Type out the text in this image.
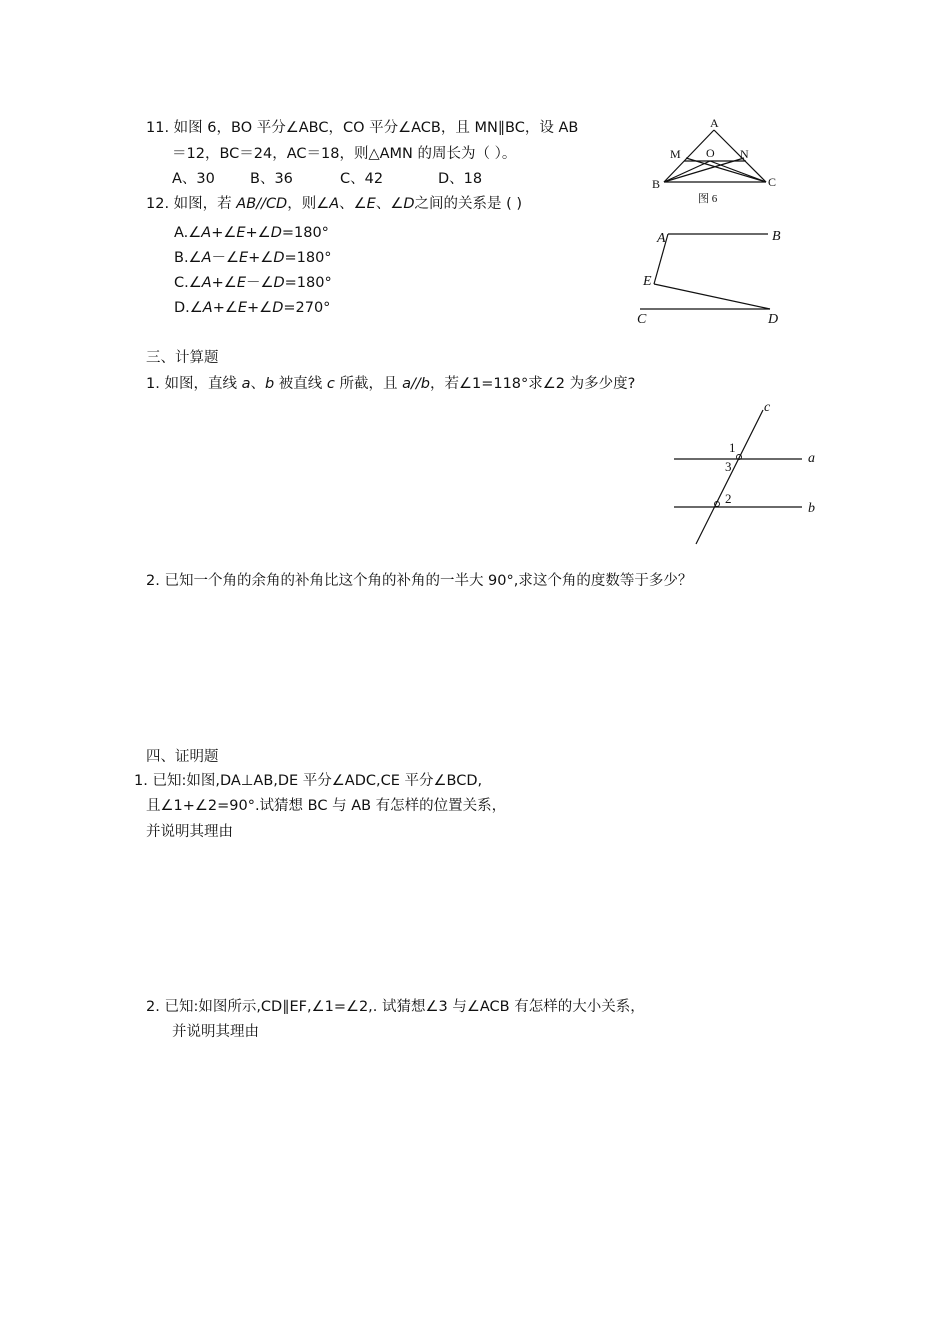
11. 如图 6，BO 平分∠ABC，CO 平分∠ACB，且 MN∥BC，设 AB
＝12，BC＝24，AC＝18，则△AMN 的周长为（ ）。
A、30 B、36	C、42	D、18
A
M O N
B	C
图 6
12. 如图，若 AB//CD，则∠A、∠E、∠D之间的关系是 ( )
A.∠A+∠E+∠D=180°
B.∠A－∠E+∠D=180°
C.∠A+∠E－∠D=180°
D.∠A+∠E+∠D=270°
A	B
E
C	D
三、计算题
1. 如图，直线 a、b 被直线 c 所截，且 a//b，若∠1=118°求∠2 为多少度?
c
a
b
1
3
2
2. 已知一个角的余角的补角比这个角的补角的一半大 90°,求这个角的度数等于多少？
四、证明题
1. 已知:如图,DA⊥AB,DE 平分∠ADC,CE 平分∠BCD,
且∠1+∠2=90°.试猜想 BC 与 AB 有怎样的位置关系，
并说明其理由
2. 已知:如图所示,CD∥EF,∠1=∠2,. 试猜想∠3 与∠ACB 有怎样的大小关系，
并说明其理由
